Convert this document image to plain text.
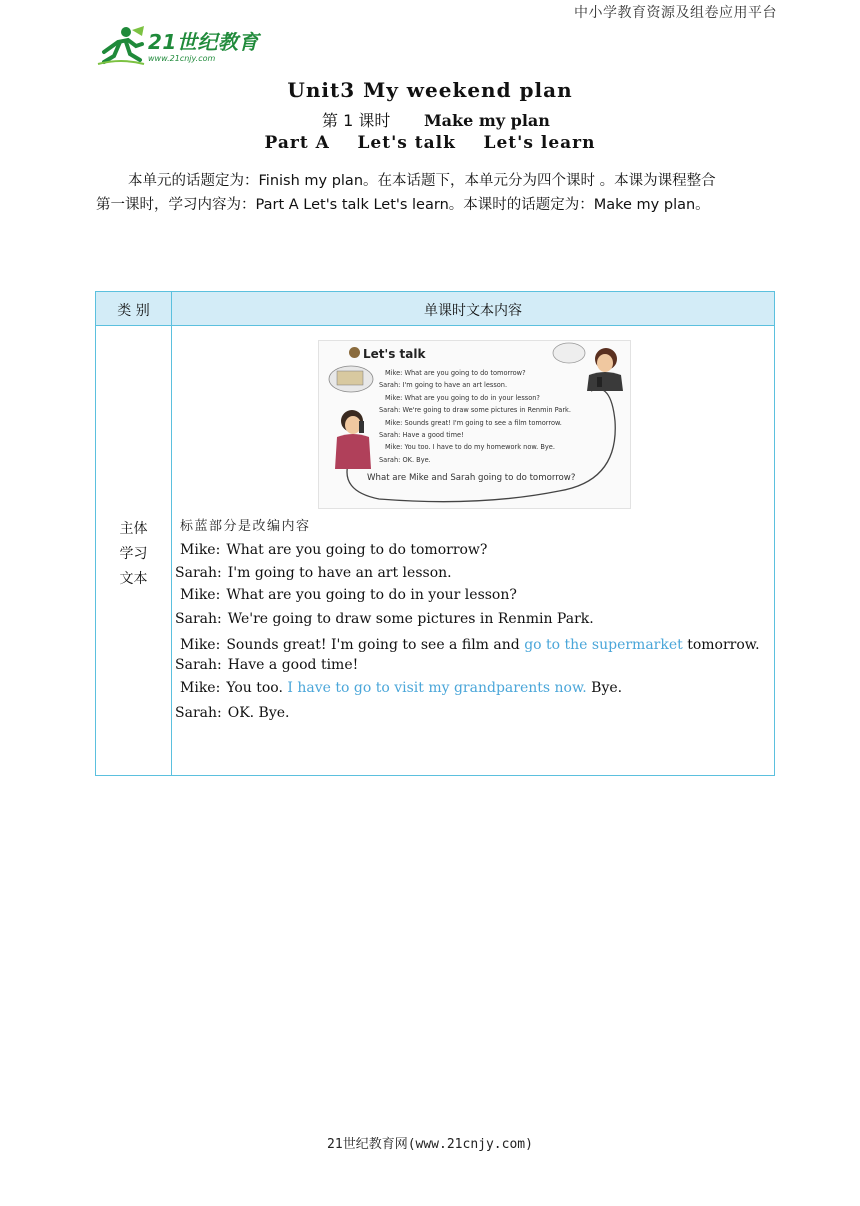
中小学教育资源及组卷应用平台
21世纪教育
www.21cnjy.com
Unit3 My weekend plan
第 1 课时 Make my plan
Part A    Let's talk    Let's learn
本单元的话题定为：Finish my plan。在本话题下，本单元分为四个课时 。本课为课程整合
第一课时，学习内容为：Part A Let's talk Let's learn。本课时的话题定为：Make my plan。
类 别	单课时文本内容
主体
学习
文本
Let's talk
Mike: What are you going to do tomorrow?
Sarah: I'm going to have an art lesson.
Mike: What are you going to do in your lesson?
Sarah: We're going to draw some pictures in Renmin Park.
Mike: Sounds great! I'm going to see a film tomorrow.
Sarah: Have a good time!
Mike: You too. I have to do my homework now. Bye.
Sarah: OK. Bye.
What are Mike and Sarah going to do tomorrow?
标蓝部分是改编内容
Mike: What are you going to do tomorrow?
Sarah: I'm going to have an art lesson.
Mike: What are you going to do in your lesson?
Sarah: We're going to draw some pictures in Renmin Park.
Mike: Sounds great! I'm going to see a film and go to the supermarket tomorrow.
Sarah: Have a good time!
Mike: You too. I have to go to visit my grandparents now. Bye.
Sarah: OK. Bye.
21世纪教育网(www.21cnjy.com)
